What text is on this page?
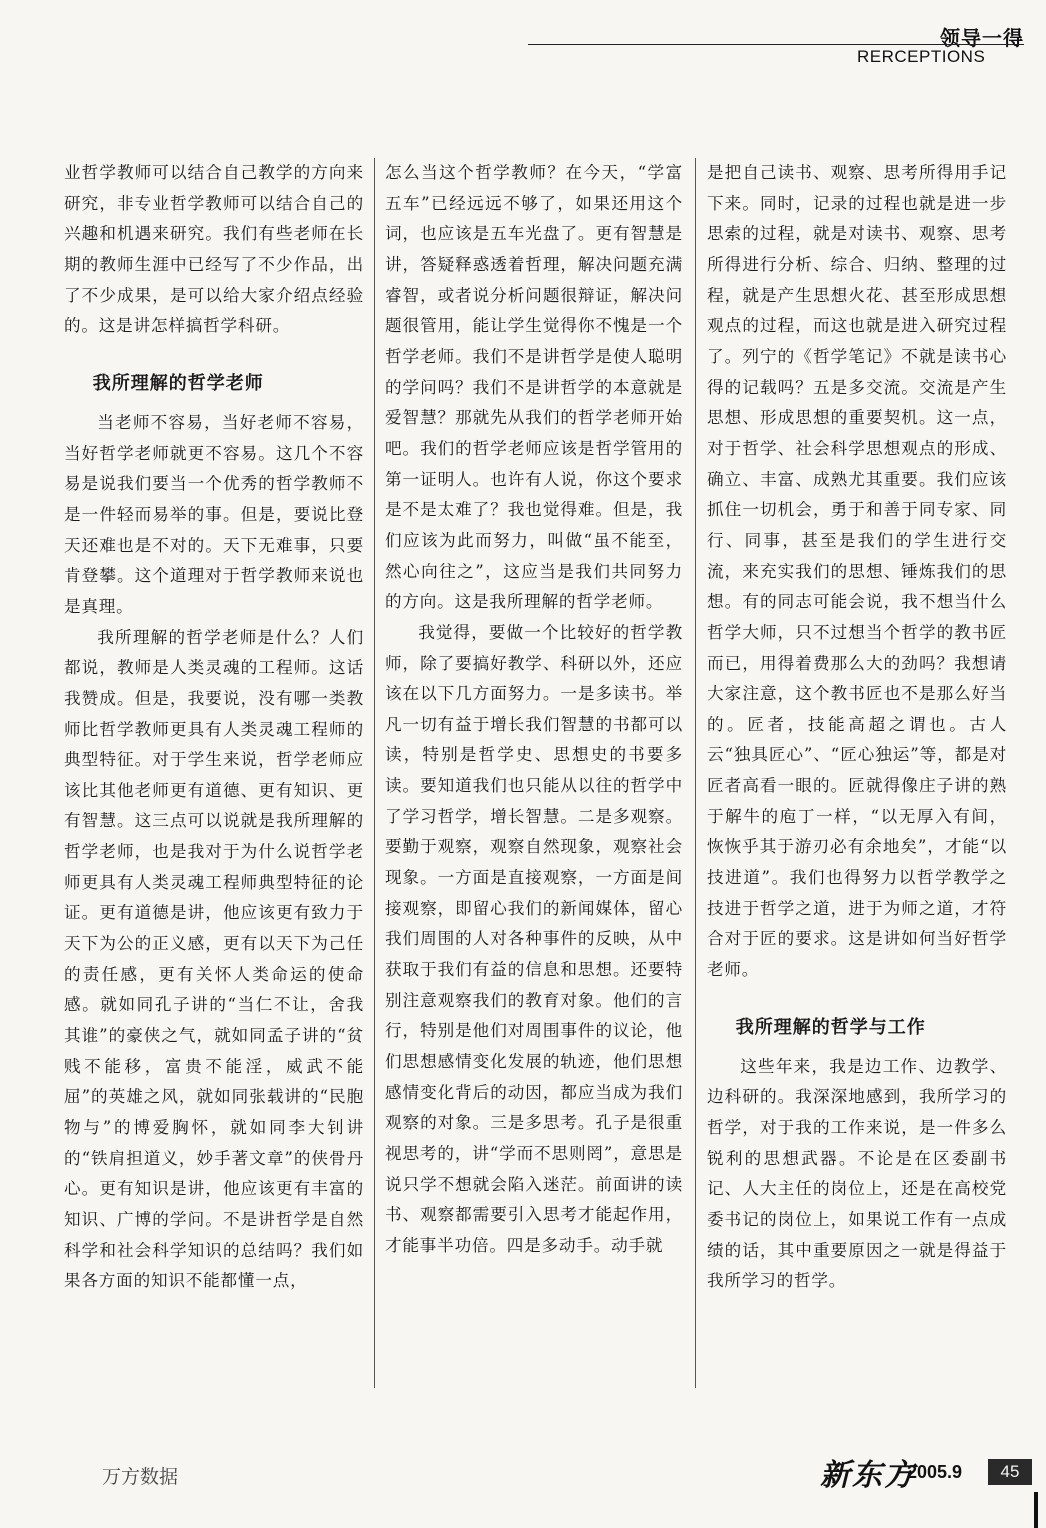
领导一得
RERCEPTIONS

业哲学教师可以结合自己教学的方向来研究，非专业哲学教师可以结合自己的兴趣和机遇来研究。我们有些老师在长期的教师生涯中已经写了不少作品，出了不少成果，是可以给大家介绍点经验的。这是讲怎样搞哲学科研。

我所理解的哲学老师

当老师不容易，当好老师不容易，当好哲学老师就更不容易。这几个不容易是说我们要当一个优秀的哲学教师不是一件轻而易举的事。但是，要说比登天还难也是不对的。天下无难事，只要肯登攀。这个道理对于哲学教师来说也是真理。

我所理解的哲学老师是什么？人们都说，教师是人类灵魂的工程师。这话我赞成。但是，我要说，没有哪一类教师比哲学教师更具有人类灵魂工程师的典型特征。对于学生来说，哲学老师应该比其他老师更有道德、更有知识、更有智慧。这三点可以说就是我所理解的哲学老师，也是我对于为什么说哲学老师更具有人类灵魂工程师典型特征的论证。更有道德是讲，他应该更有致力于天下为公的正义感，更有以天下为己任的责任感，更有关怀人类命运的使命感。就如同孔子讲的“当仁不让，舍我其谁”的豪侠之气，就如同孟子讲的“贫贱不能移，富贵不能淫，威武不能屈”的英雄之风，就如同张载讲的“民胞物与”的博爱胸怀，就如同李大钊讲的“铁肩担道义，妙手著文章”的侠骨丹心。更有知识是讲，他应该更有丰富的知识、广博的学问。不是讲哲学是自然科学和社会科学知识的总结吗？我们如果各方面的知识不能都懂一点，

怎么当这个哲学教师？在今天，“学富五车”已经远远不够了，如果还用这个词，也应该是五车光盘了。更有智慧是讲，答疑释惑透着哲理，解决问题充满睿智，或者说分析问题很辩证，解决问题很管用，能让学生觉得你不愧是一个哲学老师。我们不是讲哲学是使人聪明的学问吗？我们不是讲哲学的本意就是爱智慧？那就先从我们的哲学老师开始吧。我们的哲学老师应该是哲学管用的第一证明人。也许有人说，你这个要求是不是太难了？我也觉得难。但是，我们应该为此而努力，叫做“虽不能至，然心向往之”，这应当是我们共同努力的方向。这是我所理解的哲学老师。

我觉得，要做一个比较好的哲学教师，除了要搞好教学、科研以外，还应该在以下几方面努力。一是多读书。举凡一切有益于增长我们智慧的书都可以读，特别是哲学史、思想史的书要多读。要知道我们也只能从以往的哲学中了学习哲学，增长智慧。二是多观察。要勤于观察，观察自然现象，观察社会现象。一方面是直接观察，一方面是间接观察，即留心我们的新闻媒体，留心我们周围的人对各种事件的反映，从中获取于我们有益的信息和思想。还要特别注意观察我们的教育对象。他们的言行，特别是他们对周围事件的议论，他们思想感情变化发展的轨迹，他们思想感情变化背后的动因，都应当成为我们观察的对象。三是多思考。孔子是很重视思考的，讲“学而不思则罔”，意思是说只学不想就会陷入迷茫。前面讲的读书、观察都需要引入思考才能起作用，才能事半功倍。四是多动手。动手就

是把自己读书、观察、思考所得用手记下来。同时，记录的过程也就是进一步思索的过程，就是对读书、观察、思考所得进行分析、综合、归纳、整理的过程，就是产生思想火花、甚至形成思想观点的过程，而这也就是进入研究过程了。列宁的《哲学笔记》不就是读书心得的记载吗？五是多交流。交流是产生思想、形成思想的重要契机。这一点，对于哲学、社会科学思想观点的形成、确立、丰富、成熟尤其重要。我们应该抓住一切机会，勇于和善于同专家、同行、同事，甚至是我们的学生进行交流，来充实我们的思想、锤炼我们的思想。有的同志可能会说，我不想当什么哲学大师，只不过想当个哲学的教书匠而已，用得着费那么大的劲吗？我想请大家注意，这个教书匠也不是那么好当的。匠者，技能高超之谓也。古人云“独具匠心”、“匠心独运”等，都是对匠者高看一眼的。匠就得像庄子讲的熟于解牛的庖丁一样，“以无厚入有间，恢恢乎其于游刃必有余地矣”，才能“以技进道”。我们也得努力以哲学教学之技进于哲学之道，进于为师之道，才符合对于匠的要求。这是讲如何当好哲学老师。

我所理解的哲学与工作

这些年来，我是边工作、边教学、边科研的。我深深地感到，我所学习的哲学，对于我的工作来说，是一件多么锐利的思想武器。不论是在区委副书记、人大主任的岗位上，还是在高校党委书记的岗位上，如果说工作有一点成绩的话，其中重要原因之一就是得益于我所学习的哲学。

万方数据	新东方
2005.9	45
